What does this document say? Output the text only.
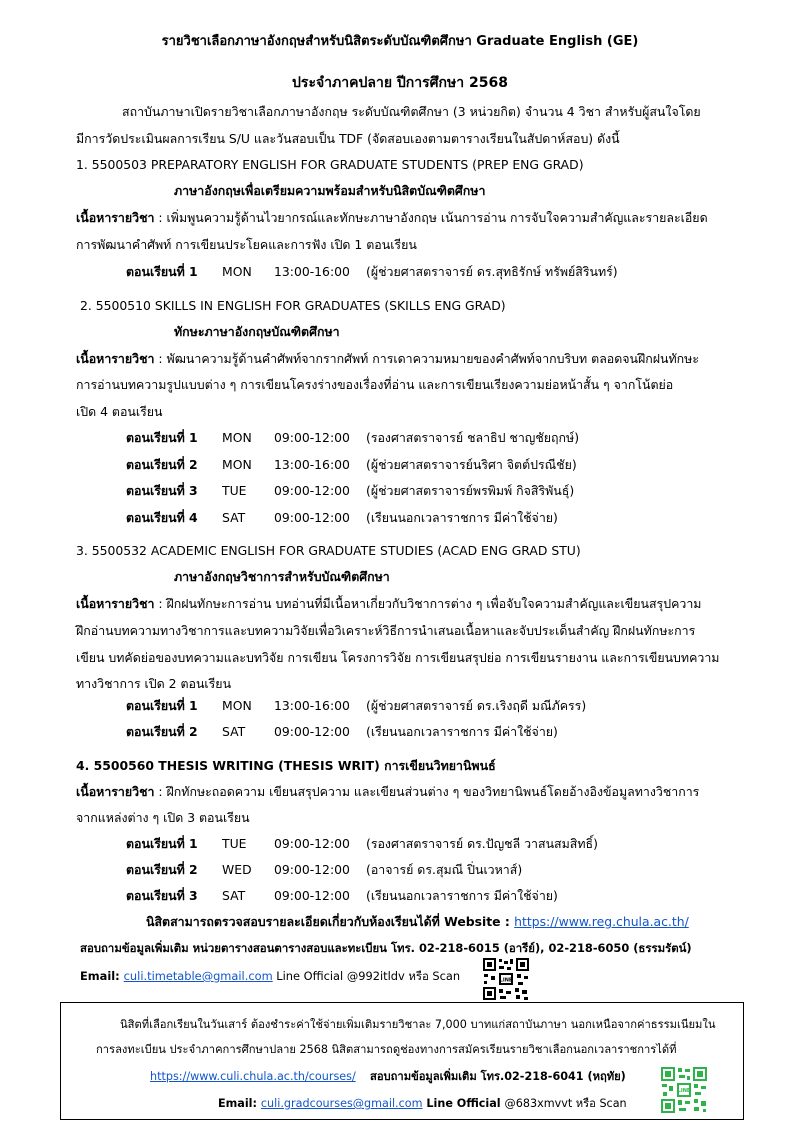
รายวิชาเลือกภาษาอังกฤษสำหรับนิสิตระดับบัณฑิตศึกษา Graduate English (GE)
ประจำภาคปลาย ปีการศึกษา 2568
สถาบันภาษาเปิดรายวิชาเลือกภาษาอังกฤษ ระดับบัณฑิตศึกษา (3 หน่วยกิต) จำนวน 4 วิชา สำหรับผู้สนใจโดย
มีการวัดประเมินผลการเรียน S/U และวันสอบเป็น TDF (จัดสอบเองตามตารางเรียนในสัปดาห์สอบ) ดังนี้
1. 5500503 PREPARATORY ENGLISH FOR GRADUATE STUDENTS (PREP ENG GRAD)
ภาษาอังกฤษเพื่อเตรียมความพร้อมสำหรับนิสิตบัณฑิตศึกษา
เนื้อหารายวิชา : เพิ่มพูนความรู้ด้านไวยากรณ์และทักษะภาษาอังกฤษ เน้นการอ่าน การจับใจความสำคัญและรายละเอียด
การพัฒนาคำศัพท์ การเขียนประโยคและการฟัง เปิด 1 ตอนเรียน
ตอนเรียนที่ 1 MON 13:00-16:00 (ผู้ช่วยศาสตราจารย์ ดร.สุทธิรักษ์ ทรัพย์สิรินทร์)
2. 5500510 SKILLS IN ENGLISH FOR GRADUATES (SKILLS ENG GRAD)
ทักษะภาษาอังกฤษบัณฑิตศึกษา
เนื้อหารายวิชา : พัฒนาความรู้ด้านคำศัพท์จากรากศัพท์ การเดาความหมายของคำศัพท์จากบริบท ตลอดจนฝึกฝนทักษะ
การอ่านบทความรูปแบบต่าง ๆ การเขียนโครงร่างของเรื่องที่อ่าน และการเขียนเรียงความย่อหน้าสั้น ๆ จากโน้ตย่อ
เปิด 4 ตอนเรียน
ตอนเรียนที่ 1 MON 09:00-12:00 (รองศาสตราจารย์ ชลาธิป ชาญชัยฤกษ์)
ตอนเรียนที่ 2 MON 13:00-16:00 (ผู้ช่วยศาสตราจารย์นริศา จิตต์ปรณีชัย)
ตอนเรียนที่ 3 TUE 09:00-12:00 (ผู้ช่วยศาสตราจารย์พรพิมพ์ กิจสิริพันธุ์)
ตอนเรียนที่ 4 SAT 09:00-12:00 (เรียนนอกเวลาราชการ มีค่าใช้จ่าย)
3. 5500532 ACADEMIC ENGLISH FOR GRADUATE STUDIES (ACAD ENG GRAD STU)
ภาษาอังกฤษวิชาการสำหรับบัณฑิตศึกษา
เนื้อหารายวิชา : ฝึกฝนทักษะการอ่าน บทอ่านที่มีเนื้อหาเกี่ยวกับวิชาการต่าง ๆ เพื่อจับใจความสำคัญและเขียนสรุปความ
ฝึกอ่านบทความทางวิชาการและบทความวิจัยเพื่อวิเคราะห์วิธีการนำเสนอเนื้อหาและจับประเด็นสำคัญ ฝึกฝนทักษะการ
เขียน บทคัดย่อของบทความและบทวิจัย การเขียน โครงการวิจัย การเขียนสรุปย่อ การเขียนรายงาน และการเขียนบทความ
ทางวิชาการ เปิด 2 ตอนเรียน
ตอนเรียนที่ 1 MON 13:00-16:00 (ผู้ช่วยศาสตราจารย์ ดร.เริงฤดี มณีภัครร)
ตอนเรียนที่ 2 SAT 09:00-12:00 (เรียนนอกเวลาราชการ มีค่าใช้จ่าย)
4. 5500560 THESIS WRITING (THESIS WRIT) การเขียนวิทยานิพนธ์
เนื้อหารายวิชา : ฝึกทักษะถอดความ เขียนสรุปความ และเขียนส่วนต่าง ๆ ของวิทยานิพนธ์โดยอ้างอิงข้อมูลทางวิชาการ
จากแหล่งต่าง ๆ เปิด 3 ตอนเรียน
ตอนเรียนที่ 1 TUE 09:00-12:00 (รองศาสตราจารย์ ดร.ปัญชลี วาสนสมสิทธิ์)
ตอนเรียนที่ 2 WED 09:00-12:00 (อาจารย์ ดร.สุมณี ปิ่นเวหาส์)
ตอนเรียนที่ 3 SAT 09:00-12:00 (เรียนนอกเวลาราชการ มีค่าใช้จ่าย)
นิสิตสามารถตรวจสอบรายละเอียดเกี่ยวกับห้องเรียนได้ที่ Website : https://www.reg.chula.ac.th/
สอบถามข้อมูลเพิ่มเติม หน่วยตารางสอนตารางสอบและทะเบียน โทร. 02-218-6015 (อารีย์), 02-218-6050 (ธรรมรัตน์)
Email: culi.timetable@gmail.com Line Official @992itldv หรือ Scan	LINE
นิสิตที่เลือกเรียนในวันเสาร์ ต้องชำระค่าใช้จ่ายเพิ่มเติมรายวิชาละ 7,000 บาทแก่สถาบันภาษา นอกเหนือจากค่าธรรมเนียมใน
การลงทะเบียน ประจำภาคการศึกษาปลาย 2568 นิสิตสามารถดูช่องทางการสมัครเรียนรายวิชาเลือกนอกเวลาราชการได้ที่
https://www.culi.chula.ac.th/courses/ สอบถามข้อมูลเพิ่มเติม โทร.02-218-6041 (หฤทัย)
Email: culi.gradcourses@gmail.com Line Official @683xmvvt หรือ Scan
LINE
